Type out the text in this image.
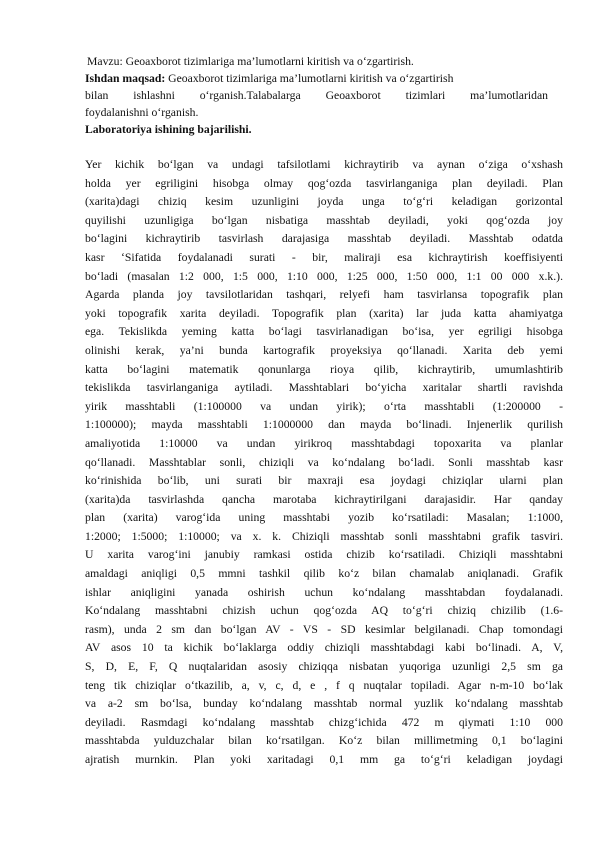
Mavzu: Geoaxborot tizimlariga ma’lumotlarni kiritish va o‘zgartirish.

Ishdan maqsad: Geoaxborot tizimlariga ma’lumotlarni kiritish va o‘zgartirish

bilan ishlashni o‘rganish.Talabalarga Geoaxborot tizimlari ma’lumotlaridan

foydalanishni o‘rganish.

Laboratoriya ishining bajarilishi.

Yer kichik bo‘lgan va undagi tafsilotlami kichraytirib va aynan o‘ziga o‘xshash
holda yer egriligini hisobga olmay qog‘ozda tasvirlanganiga plan deyiladi. Plan
(xarita)dagi chiziq kesim uzunligini joyda unga to‘g‘ri keladigan gorizontal
quyilishi uzunligiga bo‘lgan nisbatiga masshtab deyiladi, yoki qog‘ozda joy
bo‘lagini kichraytirib tasvirlash darajasiga masshtab deyiladi. Masshtab odatda
kasr ‘Sifatida foydalanadi surati - bir, maliraji esa kichraytirish koeffisiyenti
bo‘ladi (masalan 1:2 000, 1:5 000, 1:10 000, 1:25 000, 1:50 000, 1:1 00 000 x.k.).
Agarda planda joy tavsilotlaridan tashqari, relyefi ham tasvirlansa topografik plan
yoki topografik xarita deyiladi. Topografik plan (xarita) lar juda katta ahamiyatga
ega. Tekislikda yeming katta bo‘lagi tasvirlanadigan bo‘isa, yer egriligi hisobga
olinishi kerak, ya’ni bunda kartografik proyeksiya qo‘llanadi. Xarita deb yemi
katta bo‘lagini matematik qonunlarga rioya qilib, kichraytirib, umumlashtirib
tekislikda tasvirlanganiga aytiladi. Masshtablari bo‘yicha xaritalar shartli ravishda
yirik masshtabli (1:100000 va undan yirik); o‘rta masshtabli (1:200000 -
1:100000); mayda masshtabli 1:1000000 dan mayda bo‘linadi. Injenerlik qurilish
amaliyotida 1:10000 va undan yirikroq masshtabdagi topoxarita va planlar
qo‘llanadi. Masshtablar sonli, chiziqli va ko‘ndalang bo‘ladi. Sonli masshtab kasr
ko‘rinishida bo‘lib, uni surati bir maxraji esa joydagi chiziqlar ularni plan
(xarita)da tasvirlashda qancha marotaba kichraytirilgani darajasidir. Har qanday
plan (xarita) varog‘ida uning masshtabi yozib ko‘rsatiladi: Masalan; 1:1000,
1:2000; 1:5000; 1:10000; va x. k. Chiziqli masshtab sonli masshtabni grafik tasviri.
U xarita varog‘ini janubiy ramkasi ostida chizib ko‘rsatiladi. Chiziqli masshtabni
amaldagi aniqligi 0,5 mmni tashkil qilib ko‘z bilan chamalab aniqlanadi. Grafik
ishlar aniqligini yanada oshirish uchun ko‘ndalang masshtabdan foydalanadi.
Ko‘ndalang masshtabni chizish uchun qog‘ozda AQ to‘g‘ri chiziq chizilib (1.6-
rasm), unda 2 sm dan bo‘lgan AV - VS - SD kesimlar belgilanadi. Chap tomondagi
AV asos 10 ta kichik bo‘laklarga oddiy chiziqli masshtabdagi kabi bo‘linadi. A, V,
S, D, E, F, Q nuqtalaridan asosiy chiziqqa nisbatan yuqoriga uzunligi 2,5 sm ga
teng tik chiziqlar o‘tkazilib, a, v, c, d, e , f q nuqtalar topiladi. Agar n-m-10 bo‘lak
va a-2 sm bo‘lsa, bunday ko‘ndalang masshtab normal yuzlik ko‘ndalang masshtab
deyiladi. Rasmdagi ko‘ndalang masshtab chizg‘ichida 472 m qiymati 1:10 000
masshtabda yulduzchalar bilan ko‘rsatilgan. Ko‘z bilan millimetming 0,1 bo‘lagini
ajratish murnkin. Plan yoki xaritadagi 0,1 mm ga to‘g‘ri keladigan joydagi
